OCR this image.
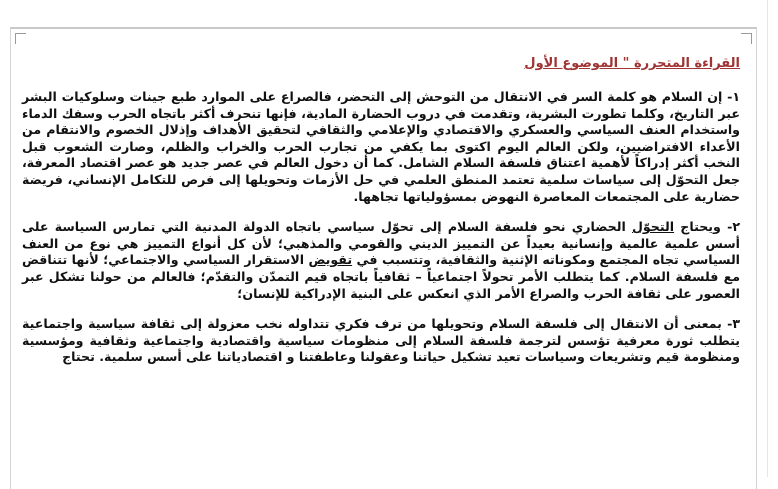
القراءة المتحررة " الموضوع الأول

١- إن السلام هو كلمة السر في الانتقال من التوحش إلى التحضر، فالصراع على الموارد طبع جينات وسلوكيات البشر عبر التاريخ، وكلما تطورت البشرية، وتقدمت في دروب الحضارة المادية، فإنها تنحرف أكثر باتجاه الحرب وسفك الدماء واستخدام العنف السياسي والعسكري والاقتصادي والإعلامي والثقافي لتحقيق الأهداف وإذلال الخصوم والانتقام من الأعداء الافتراضيين، ولكن العالم اليوم اكتوى بما يكفي من تجارب الحرب والخراب والظلم، وصارت الشعوب قبل النخب أكثر إدراكاً لأهمية اعتناق فلسفة السلام الشامل. كما أن دخول العالم في عصر جديد هو عصر اقتصاد المعرفة، جعل التحوّل إلى سياسات سلمية تعتمد المنطق العلمي في حل الأزمات وتحويلها إلى فرص للتكامل الإنساني، فريضة حضارية على المجتمعات المعاصرة النهوض بمسؤولياتها تجاهها.

٢- ويحتاج التحوّل الحضاري نحو فلسفة السلام إلى تحوّل سياسي باتجاه الدولة المدنية التي تمارس السياسة على أسس علمية عالمية وإنسانية بعيداً عن التمييز الديني والقومي والمذهبي؛ لأن كل أنواع التمييز هي نوع من العنف السياسي تجاه المجتمع ومكوناته الإثنية والثقافية، وتتسبب في تقويض الاستقرار السياسي والاجتماعي؛ لأنها تتناقض مع فلسفة السلام. كما يتطلب الأمر تحولاً اجتماعياً – ثقافياً باتجاه قيم التمدّن والتقدّم؛ فالعالم من حولنا تشكل عبر العصور على ثقافة الحرب والصراع الأمر الذي انعكس على البنية الإدراكية للإنسان؛

٣- بمعنى أن الانتقال إلى فلسفة السلام وتحويلها من ترف فكري تتداوله نخب معزولة إلى ثقافة سياسية واجتماعية يتطلب ثورة معرفية تؤسس لترجمة فلسفة السلام إلى منظومات سياسية واقتصادية واجتماعية وثقافية ومؤسسية ومنظومة قيم وتشريعات وسياسات تعيد تشكيل حياتنا وعقولنا وعاطفتنا و اقتصادياتنا على أسس سلمية. تحتاج
